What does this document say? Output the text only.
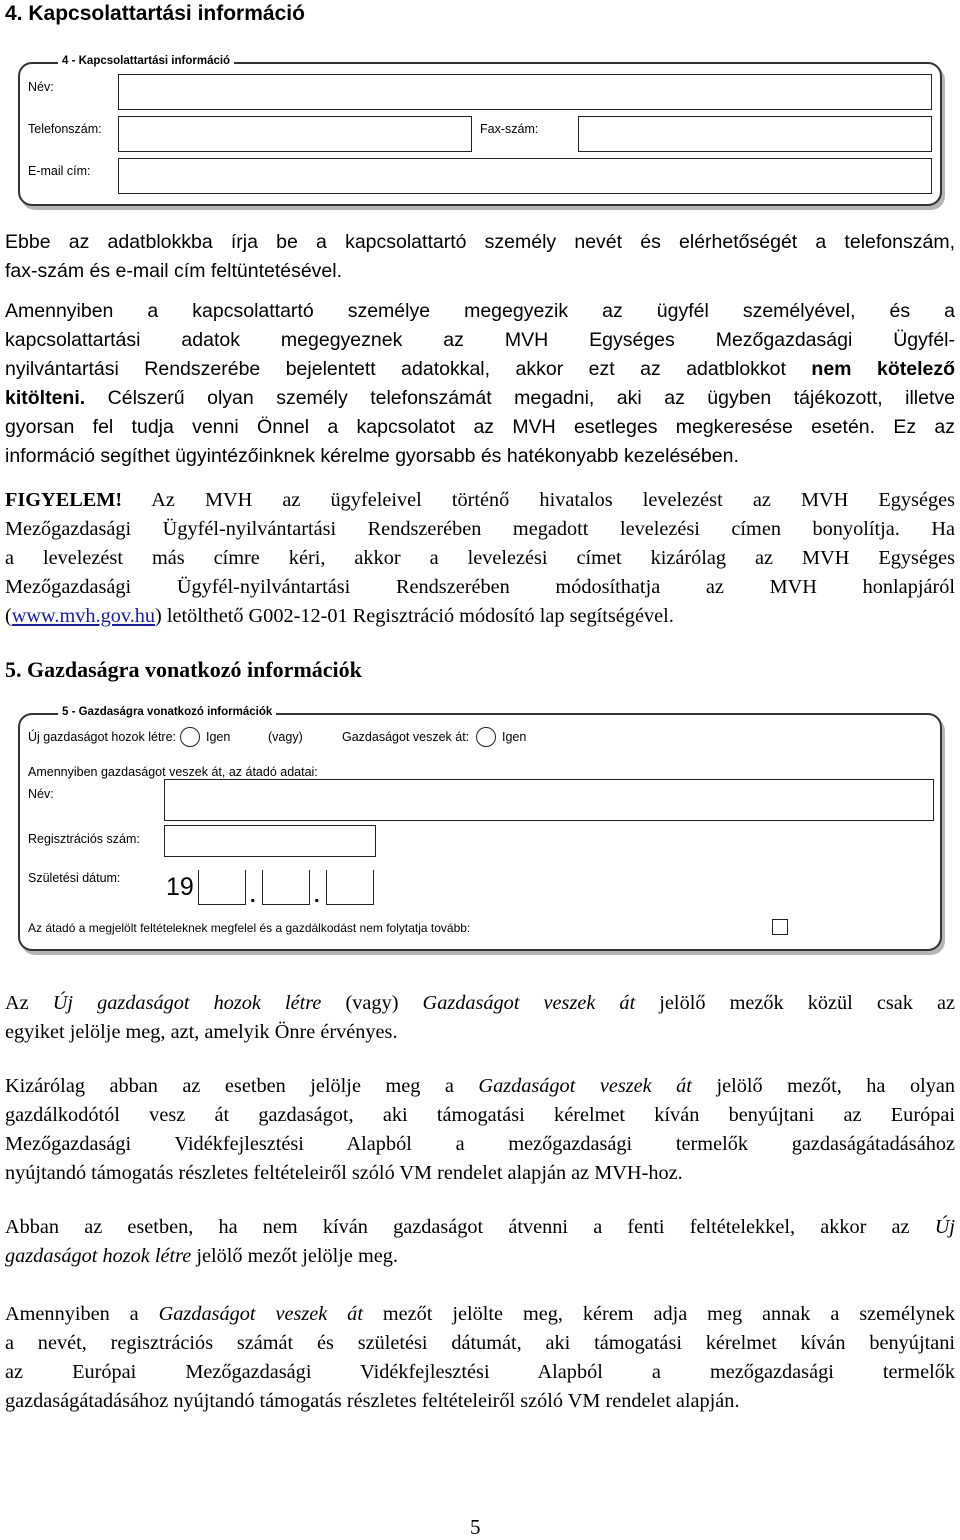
4. Kapcsolattartási információ
4 - Kapcsolattartási információ
Név:
Telefonszám:	Fax-szám:
E-mail cím:
Ebbe az adatblokkba írja be a kapcsolattartó személy nevét és elérhetőségét a telefonszám,
fax-szám és e-mail cím feltüntetésével.
Amennyiben a kapcsolattartó személye megegyezik az ügyfél személyével, és a
kapcsolattartási adatok megegyeznek az MVH Egységes Mezőgazdasági Ügyfél-
nyilvántartási Rendszerébe bejelentett adatokkal, akkor ezt az adatblokkot nem kötelező
kitölteni. Célszerű olyan személy telefonszámát megadni, aki az ügyben tájékozott, illetve
gyorsan fel tudja venni Önnel a kapcsolatot az MVH esetleges megkeresése esetén. Ez az
információ segíthet ügyintézőinknek kérelme gyorsabb és hatékonyabb kezelésében.
FIGYELEM! Az MVH az ügyfeleivel történő hivatalos levelezést az MVH Egységes
Mezőgazdasági Ügyfél-nyilvántartási Rendszerében megadott levelezési címen bonyolítja. Ha
a levelezést más címre kéri, akkor a levelezési címet kizárólag az MVH Egységes
Mezőgazdasági Ügyfél-nyilvántartási Rendszerében módosíthatja az MVH honlapjáról
(www.mvh.gov.hu) letölthető G002-12-01 Regisztráció módosító lap segítségével.
5. Gazdaságra vonatkozó információk
5 - Gazdaságra vonatkozó információk
Új gazdaságot hozok létre: Igen	(vagy)	Gazdaságot veszek át:	Igen
Amennyiben gazdaságot veszek át, az átadó adatai:
Név:
Regisztrációs szám:
Születési dátum: 19	.	.
Az átadó a megjelölt feltételeknek megfelel és a gazdálkodást nem folytatja tovább:
Az Új gazdaságot hozok létre (vagy) Gazdaságot veszek át jelölő mezők közül csak az
egyiket jelölje meg, azt, amelyik Önre érvényes.
Kizárólag abban az esetben jelölje meg a Gazdaságot veszek át jelölő mezőt, ha olyan
gazdálkodótól vesz át gazdaságot, aki támogatási kérelmet kíván benyújtani az Európai
Mezőgazdasági Vidékfejlesztési Alapból a mezőgazdasági termelők gazdaságátadásához
nyújtandó támogatás részletes feltételeiről szóló VM rendelet alapján az MVH-hoz.
Abban az esetben, ha nem kíván gazdaságot átvenni a fenti feltételekkel, akkor az Új
gazdaságot hozok létre jelölő mezőt jelölje meg.
Amennyiben a Gazdaságot veszek át mezőt jelölte meg, kérem adja meg annak a személynek
a nevét, regisztrációs számát és születési dátumát, aki támogatási kérelmet kíván benyújtani
az Európai Mezőgazdasági Vidékfejlesztési Alapból a mezőgazdasági termelők
gazdaságátadásához nyújtandó támogatás részletes feltételeiről szóló VM rendelet alapján.
5
